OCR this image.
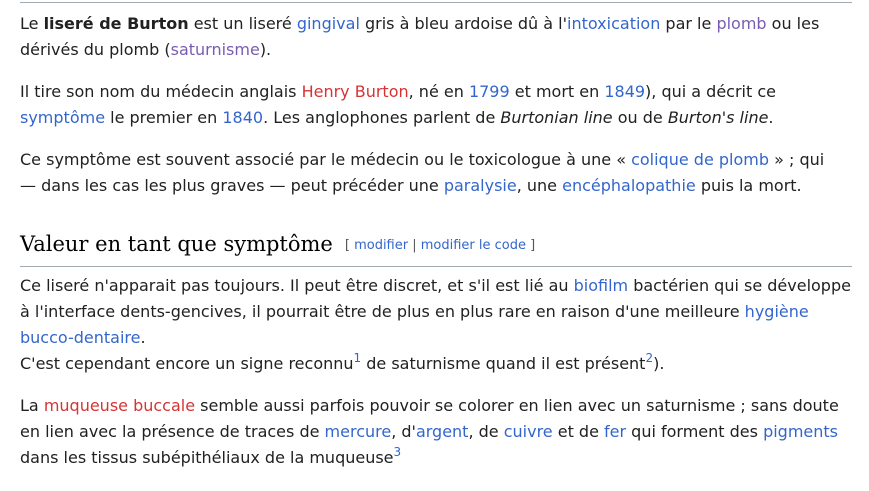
Le liseré de Burton est un liseré gingival gris à bleu ardoise dû à l'intoxication par le plomb ou les
dérivés du plomb (saturnisme).
Il tire son nom du médecin anglais Henry Burton, né en 1799 et mort en 1849), qui a décrit ce
symptôme le premier en 1840. Les anglophones parlent de Burtonian line ou de Burton's line.
Ce symptôme est souvent associé par le médecin ou le toxicologue à une « colique de plomb » ; qui
— dans les cas les plus graves — peut précéder une paralysie, une encéphalopathie puis la mort.
Valeur en tant que symptôme [ modifier | modifier le code ]
Ce liseré n'apparait pas toujours. Il peut être discret, et s'il est lié au biofilm bactérien qui se développe
à l'interface dents-gencives, il pourrait être de plus en plus rare en raison d'une meilleure hygiène
bucco-dentaire.
C'est cependant encore un signe reconnu$^1$ de saturnisme quand il est présent$^2$).
La muqueuse buccale semble aussi parfois pouvoir se colorer en lien avec un saturnisme ; sans doute
en lien avec la présence de traces de mercure, d'argent, de cuivre et de fer qui forment des pigments
dans les tissus subépithéliaux de la muqueuse$^3$
